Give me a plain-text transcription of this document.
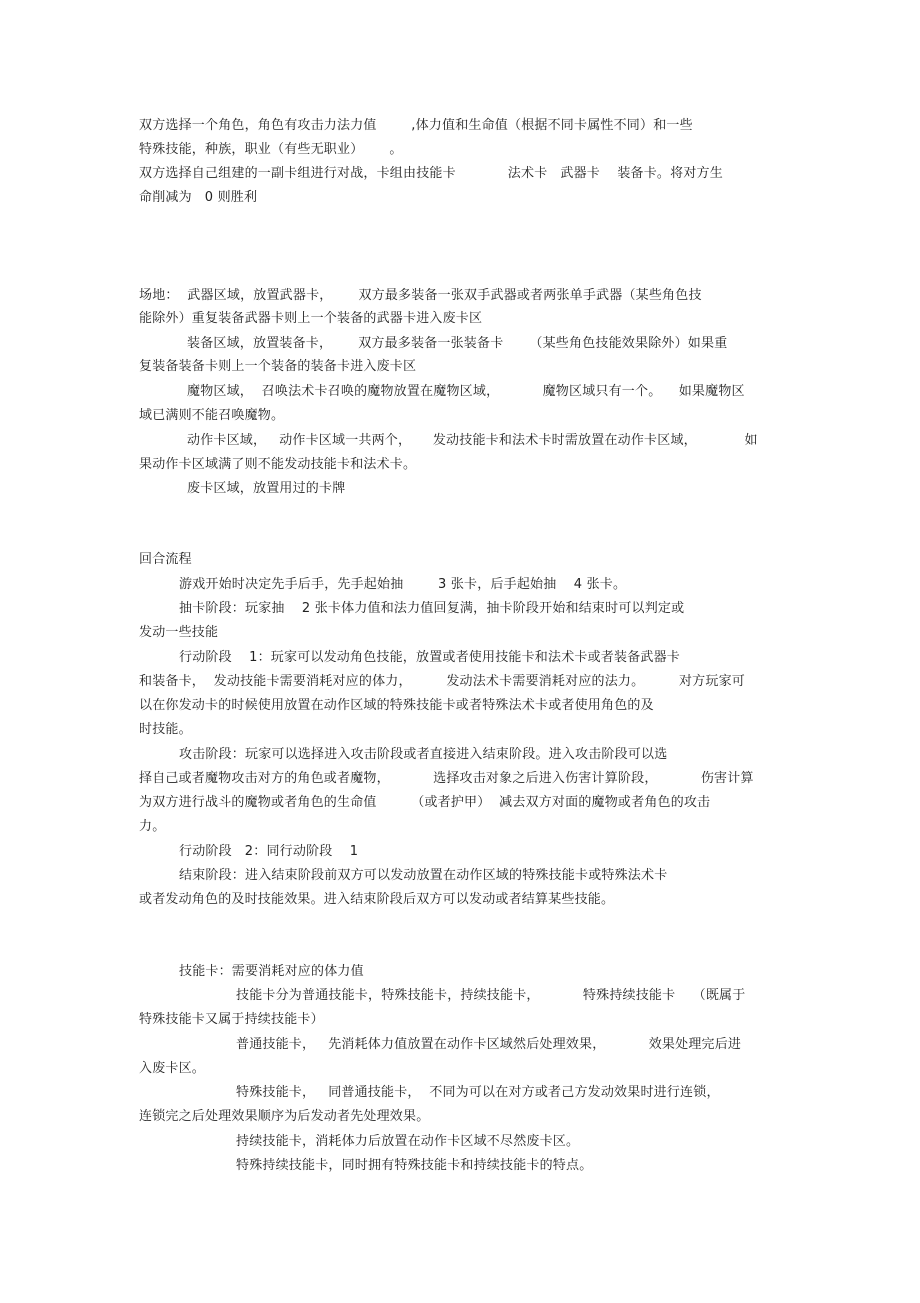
双方选择一个角色，角色有攻击力法力值        ,体力值和生命值（根据不同卡属性不同）和一些
特殊技能，种族，职业（有些无职业）      。
双方选择自己组建的一副卡组进行对战，卡组由技能卡            法术卡   武器卡    装备卡。将对方生
命削减为   0 则胜利
场地：  武器区域，放置武器卡，      双方最多装备一张双手武器或者两张单手武器（某些角色技
能除外）重复装备武器卡则上一个装备的武器卡进入废卡区
装备区域，放置装备卡，      双方最多装备一张装备卡      （某些角色技能效果除外）如果重
复装备装备卡则上一个装备的装备卡进入废卡区
魔物区域，  召唤法术卡召唤的魔物放置在魔物区域，          魔物区域只有一个。    如果魔物区
域已满则不能召唤魔物。
动作卡区域，   动作卡区域一共两个，     发动技能卡和法术卡时需放置在动作卡区域，           如
果动作卡区域满了则不能发动技能卡和法术卡。
废卡区域，放置用过的卡牌
回合流程
游戏开始时决定先手后手，先手起始抽        3 张卡，后手起始抽    4 张卡。
抽卡阶段：玩家抽    2 张卡体力值和法力值回复满，抽卡阶段开始和结束时可以判定或
发动一些技能
行动阶段    1：玩家可以发动角色技能，放置或者使用技能卡和法术卡或者装备武器卡
和装备卡，  发动技能卡需要消耗对应的体力，        发动法术卡需要消耗对应的法力。        对方玩家可
以在你发动卡的时候使用放置在动作区域的特殊技能卡或者特殊法术卡或者使用角色的及
时技能。
攻击阶段：玩家可以选择进入攻击阶段或者直接进入结束阶段。进入攻击阶段可以选
择自己或者魔物攻击对方的角色或者魔物，          选择攻击对象之后进入伤害计算阶段，          伤害计算
为双方进行战斗的魔物或者角色的生命值        （或者护甲）  减去双方对面的魔物或者角色的攻击
力。
行动阶段   2：同行动阶段    1
结束阶段：进入结束阶段前双方可以发动放置在动作区域的特殊技能卡或特殊法术卡
或者发动角色的及时技能效果。进入结束阶段后双方可以发动或者结算某些技能。
技能卡：需要消耗对应的体力值
技能卡分为普通技能卡，特殊技能卡，持续技能卡，          特殊持续技能卡    （既属于
特殊技能卡又属于持续技能卡）
普通技能卡，   先消耗体力值放置在动作卡区域然后处理效果，          效果处理完后进
入废卡区。
特殊技能卡，   同普通技能卡，  不同为可以在对方或者己方发动效果时进行连锁，
连锁完之后处理效果顺序为后发动者先处理效果。
持续技能卡，消耗体力后放置在动作卡区域不尽然废卡区。
特殊持续技能卡，同时拥有特殊技能卡和持续技能卡的特点。
